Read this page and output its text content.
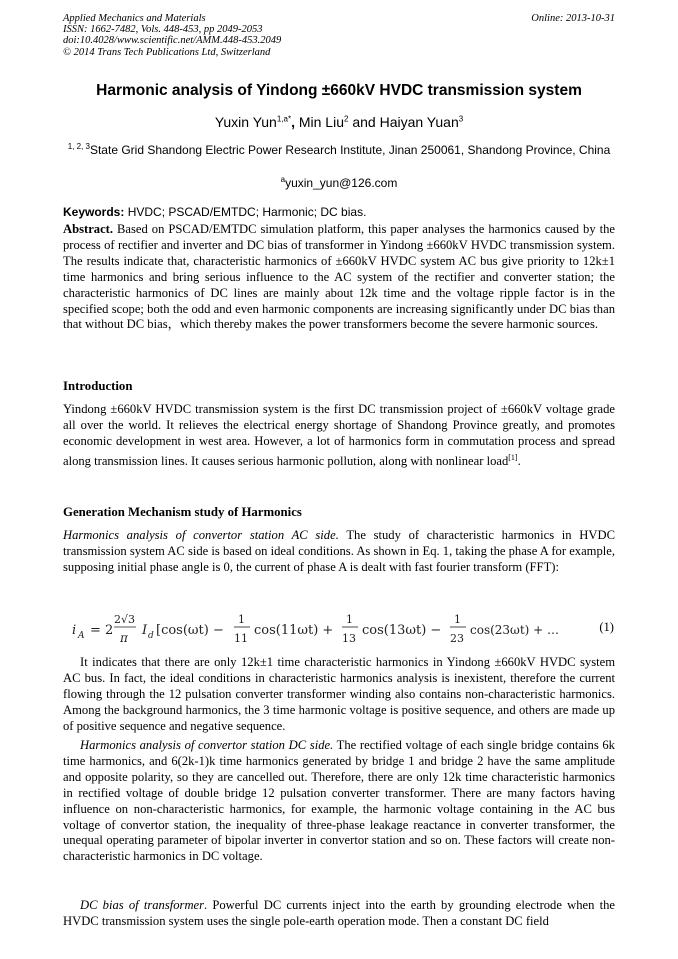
Applied Mechanics and Materials
ISSN: 1662-7482, Vols. 448-453, pp 2049-2053
doi:10.4028/www.scientific.net/AMM.448-453.2049
© 2014 Trans Tech Publications Ltd, Switzerland
Online: 2013-10-31
Harmonic analysis of Yindong ±660kV HVDC transmission system
Yuxin Yun$^{1,a*}$, Min Liu$^2$ and Haiyan Yuan$^3$
$^{1, 2, 3}$State Grid Shandong Electric Power Research Institute, Jinan 250061, Shandong Province, China
$^a$yuxin_yun@126.com
Keywords: HVDC; PSCAD/EMTDC; Harmonic; DC bias.
Abstract. Based on PSCAD/EMTDC simulation platform, this paper analyses the harmonics caused by the process of rectifier and inverter and DC bias of transformer in Yindong ±660kV HVDC transmission system. The results indicate that, characteristic harmonics of ±660kV HVDC system AC bus give priority to 12k±1 time harmonics and bring serious influence to the AC system of the rectifier and converter station; the characteristic harmonics of DC lines are mainly about 12k time and the voltage ripple factor is in the specified scope; both the odd and even harmonic components are increasing significantly under DC bias than that without DC bias，which thereby makes the power transformers become the severe harmonic sources.
Introduction
Yindong ±660kV HVDC transmission system is the first DC transmission project of ±660kV voltage grade all over the world. It relieves the electrical energy shortage of Shandong Province greatly, and promotes economic development in west area. However, a lot of harmonics form in commutation process and spread along transmission lines. It causes serious harmonic pollution, along with nonlinear load[1].
Generation Mechanism study of Harmonics
Harmonics analysis of convertor station AC side. The study of characteristic harmonics in HVDC transmission system AC side is based on ideal conditions. As shown in Eq. 1, taking the phase A for example, supposing initial phase angle is 0, the current of phase A is dealt with fast fourier transform (FFT):
i A = 2
2√3
π I d [cos(ωt) −
1
11
cos(11ωt) +
1
13
cos(13ωt) −
1
23
cos(23ωt) + …	(1)
It indicates that there are only 12k±1 time characteristic harmonics in Yindong ±660kV HVDC system AC bus. In fact, the ideal conditions in characteristic harmonics analysis is inexistent, therefore the current flowing through the 12 pulsation converter transformer winding also contains non-characteristic harmonics. Among the background harmonics, the 3 time harmonic voltage is positive sequence, and others are made up of positive sequence and negative sequence.
Harmonics analysis of convertor station DC side. The rectified voltage of each single bridge contains 6k time harmonics, and 6(2k-1)k time harmonics generated by bridge 1 and bridge 2 have the same amplitude and opposite polarity, so they are cancelled out. Therefore, there are only 12k time characteristic harmonics in rectified voltage of double bridge 12 pulsation converter transformer. There are many factors having influence on non-characteristic harmonics, for example, the harmonic voltage containing in the AC bus voltage of convertor station, the inequality of three-phase leakage reactance in converter transformer, the unequal operating parameter of bipolar inverter in convertor station and so on. These factors will create non-characteristic harmonics in DC voltage.
DC bias of transformer. Powerful DC currents inject into the earth by grounding electrode when the HVDC transmission system uses the single pole-earth operation mode. Then a constant DC field
